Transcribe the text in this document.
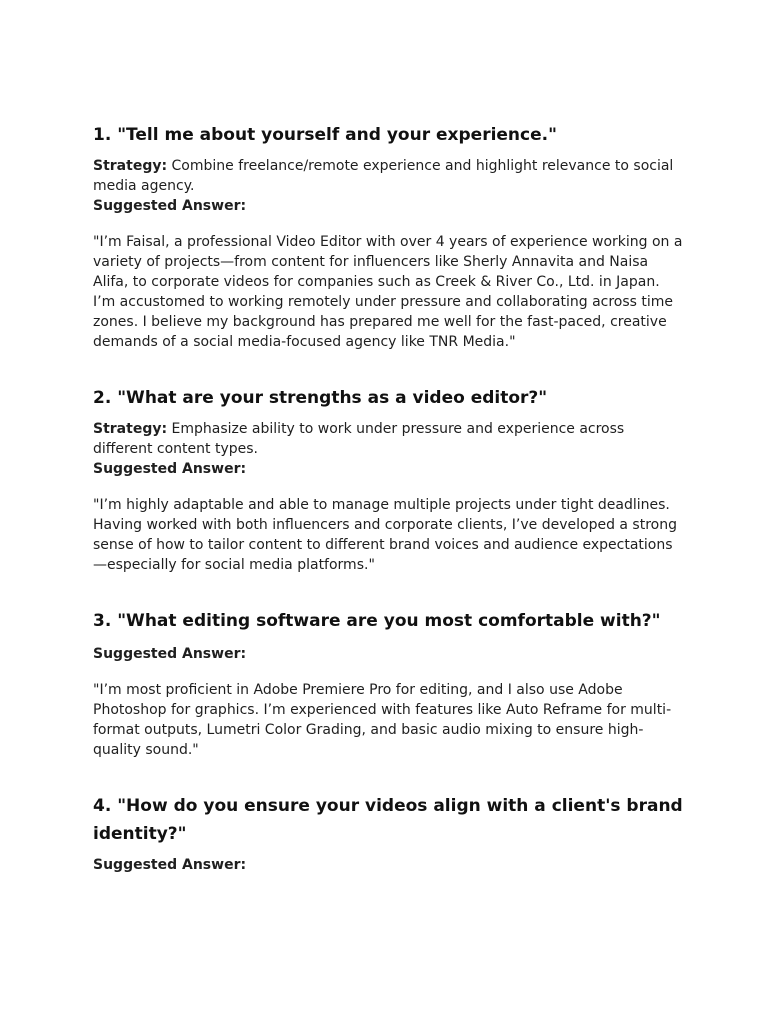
1. "Tell me about yourself and your experience."

Strategy: Combine freelance/remote experience and highlight relevance to social media agency.

Suggested Answer:

"I’m Faisal, a professional Video Editor with over 4 years of experience working on a variety of projects—from content for influencers like Sherly Annavita and Naisa Alifa, to corporate videos for companies such as Creek & River Co., Ltd. in Japan. I’m accustomed to working remotely under pressure and collaborating across time zones. I believe my background has prepared me well for the fast-paced, creative demands of a social media-focused agency like TNR Media."

2. "What are your strengths as a video editor?"

Strategy: Emphasize ability to work under pressure and experience across different content types.

Suggested Answer:

"I’m highly adaptable and able to manage multiple projects under tight deadlines. Having worked with both influencers and corporate clients, I’ve developed a strong sense of how to tailor content to different brand voices and audience expectations—especially for social media platforms."

3. "What editing software are you most comfortable with?"

Suggested Answer:

"I’m most proficient in Adobe Premiere Pro for editing, and I also use Adobe Photoshop for graphics. I’m experienced with features like Auto Reframe for multi-format outputs, Lumetri Color Grading, and basic audio mixing to ensure high-quality sound."

4. "How do you ensure your videos align with a client's brand identity?"

Suggested Answer:
